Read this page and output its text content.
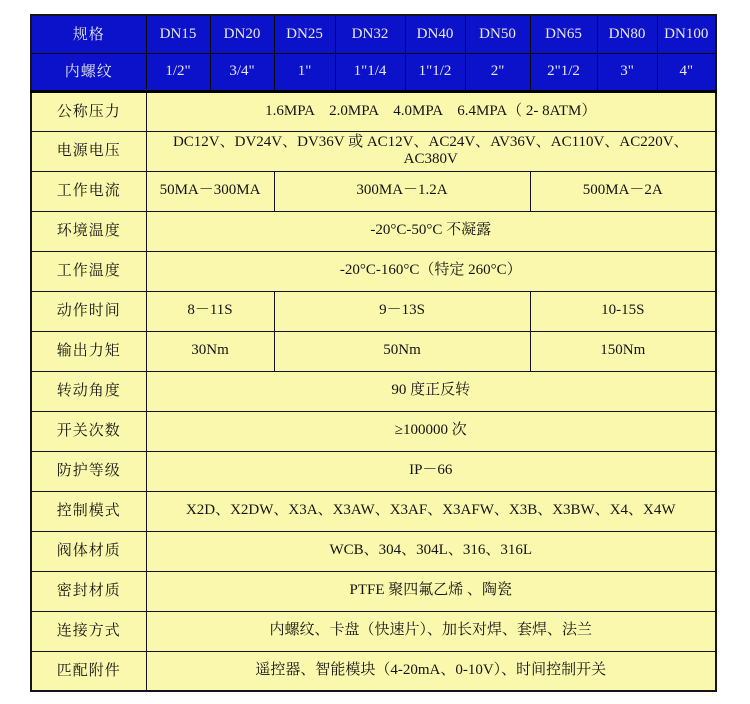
规格	DN15	DN20	DN25	DN32	DN40	DN50	DN65	DN80	DN100
内螺纹	1/2"	3/4"	1"	1"1/4	1"1/2	2"	2"1/2	3"	4"
公称压力	1.6MPA    2.0MPA    4.0MPA    6.4MPA（ 2- 8ATM）								
电源电压	DC12V、DV24V、DV36V 或 AC12V、AC24V、AV36V、AC110V、AC220V、AC380V								
工作电流	50MA－300MA		300MA－1.2A				500MA－2A		
环境温度	-20°C-50°C 不凝露								
工作温度	-20°C-160°C（特定 260°C）								
动作时间	8－11S		9－13S				10-15S		
输出力矩	30Nm		50Nm				150Nm		
转动角度	90 度正反转								
开关次数	≥100000 次								
防护等级	IP－66								
控制模式	X2D、X2DW、X3A、X3AW、X3AF、X3AFW、X3B、X3BW、X4、X4W								
阀体材质	WCB、304、304L、316、316L								
密封材质	PTFE 聚四氟乙烯 、陶瓷								
连接方式	内螺纹、卡盘（快速片）、加长对焊、套焊、法兰								
匹配附件	遥控器、智能模块（4-20mA、0-10V）、时间控制开关								
